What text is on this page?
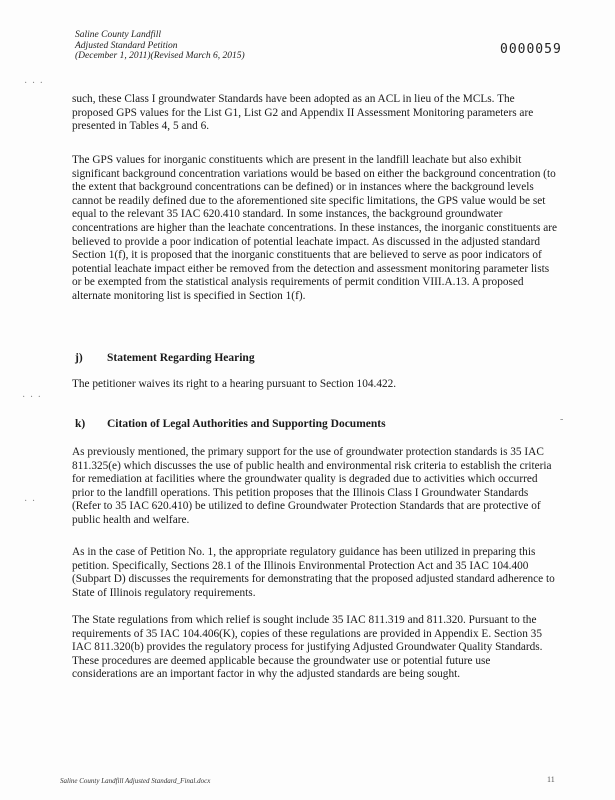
Saline County Landfill
Adjusted Standard Petition
(December 1, 2011)(Revised March 6, 2015)	0000059

such, these Class I groundwater Standards have been adopted as an ACL in lieu of the MCLs. The proposed GPS values for the List G1, List G2 and Appendix II Assessment Monitoring parameters are presented in Tables 4, 5 and 6.

The GPS values for inorganic constituents which are present in the landfill leachate but also exhibit significant background concentration variations would be based on either the background concentration (to the extent that background concentrations can be defined) or in instances where the background levels cannot be readily defined due to the aforementioned site specific limitations, the GPS value would be set equal to the relevant 35 IAC 620.410 standard. In some instances, the background groundwater concentrations are higher than the leachate concentrations. In these instances, the inorganic constituents are believed to provide a poor indication of potential leachate impact. As discussed in the adjusted standard Section 1(f), it is proposed that the inorganic constituents that are believed to serve as poor indicators of potential leachate impact either be removed from the detection and assessment monitoring parameter lists or be exempted from the statistical analysis requirements of permit condition VIII.A.13. A proposed alternate monitoring list is specified in Section 1(f).

j) Statement Regarding Hearing

The petitioner waives its right to a hearing pursuant to Section 104.422.

k) Citation of Legal Authorities and Supporting Documents

As previously mentioned, the primary support for the use of groundwater protection standards is 35 IAC 811.325(e) which discusses the use of public health and environmental risk criteria to establish the criteria for remediation at facilities where the groundwater quality is degraded due to activities which occurred prior to the landfill operations. This petition proposes that the Illinois Class I Groundwater Standards (Refer to 35 IAC 620.410) be utilized to define Groundwater Protection Standards that are protective of public health and welfare.

As in the case of Petition No. 1, the appropriate regulatory guidance has been utilized in preparing this petition. Specifically, Sections 28.1 of the Illinois Environmental Protection Act and 35 IAC 104.400 (Subpart D) discusses the requirements for demonstrating that the proposed adjusted standard adherence to State of Illinois regulatory requirements.

The State regulations from which relief is sought include 35 IAC 811.319 and 811.320. Pursuant to the requirements of 35 IAC 104.406(K), copies of these regulations are provided in Appendix E. Section 35 IAC 811.320(b) provides the regulatory process for justifying Adjusted Groundwater Quality Standards. These procedures are deemed applicable because the groundwater use or potential future use considerations are an important factor in why the adjusted standards are being sought.

· · ·
· · ·
· ·
-
Saline County Landfill Adjusted Standard_Final.docx	11
